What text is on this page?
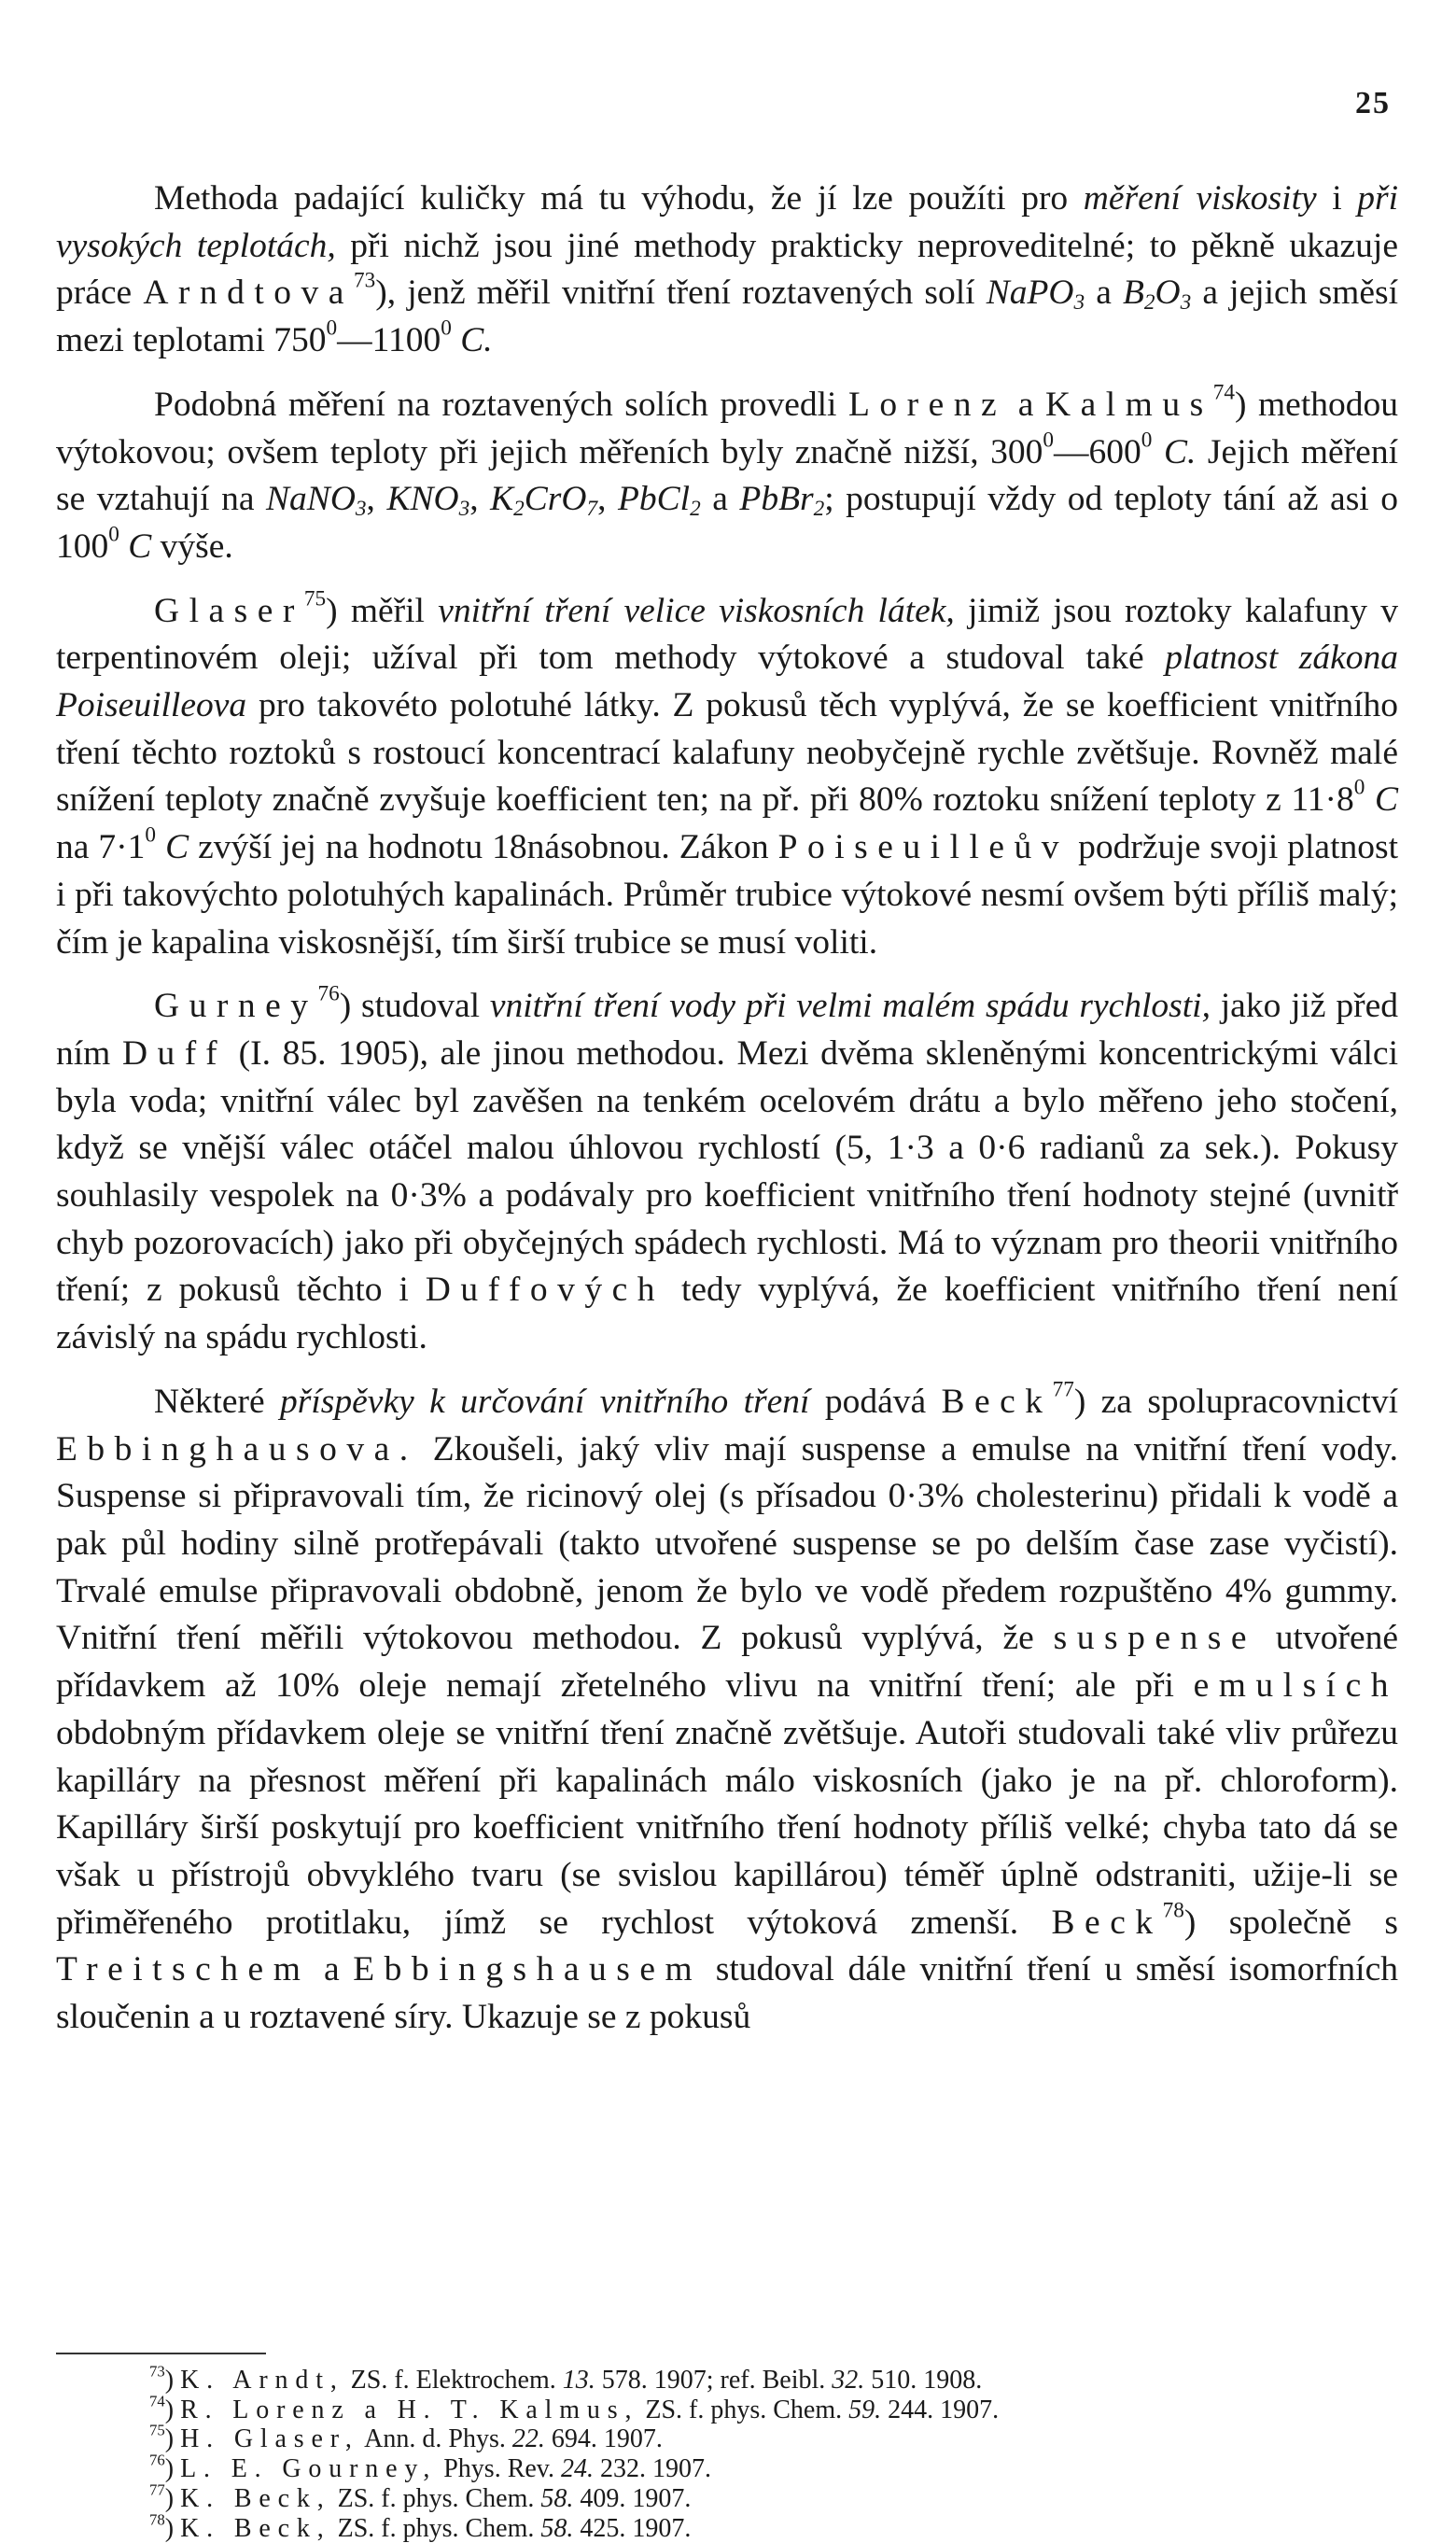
25

Methoda padající kuličky má tu výhodu, že jí lze použíti pro měření viskosity i při vysokých teplotách, při nichž jsou jiné methody prakticky neproveditelné; to pěkně ukazuje práce Arndtova$^{73}$), jenž měřil vnitřní tření roztavených solí NaPO$_3$ a $B_2O_3$ a jejich směsí mezi teplotami $750^0—1100^0$ C.

Podobná měření na roztavených solích provedli Lorenz a Kalmus$^{74}$) methodou výtokovou; ovšem teploty při jejich měřeních byly značně nižší, $300^0—600^0$ C. Jejich měření se vztahují na NaNO$_3$, $KNO_3$, $K_2CrO_7$, PbCl$_2$ a PbBr$_2$; postupují vždy od teploty tání až asi o $100^0$ C výše.

Glaser$^{75}$) měřil vnitřní tření velice viskosních látek, jimiž jsou roztoky kalafuny v terpentinovém oleji; užíval při tom methody výtokové a studoval také platnost zákona Poiseuilleova pro takovéto polotuhé látky. Z pokusů těch vyplývá, že se koefficient vnitřního tření těchto roztoků s rostoucí koncentrací kalafuny neobyčejně rychle zvětšuje. Rovněž malé snížení teploty značně zvyšuje koefficient ten; na př. při 80% roztoku snížení teploty z $11\cdot 8^0$ C na $7\cdot 1^0$ C zvýší jej na hodnotu 18násobnou. Zákon Poiseuilleův podržuje svoji platnost i při takovýchto polotuhých kapalinách. Průměr trubice výtokové nesmí ovšem býti příliš malý; čím je kapalina viskosnější, tím širší trubice se musí voliti.

Gurney$^{76}$) studoval vnitřní tření vody při velmi malém spádu rychlosti, jako již před ním Duff (I. 85. 1905), ale jinou methodou. Mezi dvěma skleněnými koncentrickými válci byla voda; vnitřní válec byl zavěšen na tenkém ocelovém drátu a bylo měřeno jeho stočení, když se vnější válec otáčel malou úhlovou rychlostí (5, 1·3 a 0·6 radianů za sek.). Pokusy souhlasily vespolek na 0·3% a podávaly pro koefficient vnitřního tření hodnoty stejné (uvnitř chyb pozorovacích) jako při obyčejných spádech rychlosti. Má to význam pro theorii vnitřního tření; z pokusů těchto i Duffových tedy vyplývá, že koefficient vnitřního tření není závislý na spádu rychlosti.

Některé příspěvky k určování vnitřního tření podává Beck$^{77}$) za spolupracovnictví Ebbinghausova. Zkoušeli, jaký vliv mají suspense a emulse na vnitřní tření vody. Suspense si připravovali tím, že ricinový olej (s přísadou 0·3% cholesterinu) přidali k vodě a pak půl hodiny silně protřepávali (takto utvořené suspense se po delším čase zase vyčistí). Trvalé emulse připravovali obdobně, jenom že bylo ve vodě předem rozpuštěno 4% gummy. Vnitřní tření měřili výtokovou methodou. Z pokusů vyplývá, že suspense utvořené přídavkem až 10% oleje nemají zřetelného vlivu na vnitřní tření; ale při emulsích obdobným přídavkem oleje se vnitřní tření značně zvětšuje. Autoři studovali také vliv průřezu kapilláry na přesnost měření při kapalinách málo viskosních (jako je na př. chloroform). Kapilláry širší poskytují pro koefficient vnitřního tření hodnoty příliš velké; chyba tato dá se však u přístrojů obvyklého tvaru (se svislou kapillárou) téměř úplně odstraniti, užije-li se přiměřeného protitlaku, jímž se rychlost výtoková zmenší. Beck$^{78}$) společně s Treitschem a Ebbingshausem studoval dále vnitřní tření u směsí isomorfních sloučenin a u roztavené síry. Ukazuje se z pokusů

$^{73}$) K. Arndt, ZS. f. Elektrochem. 13. 578. 1907; ref. Beibl. 32. 510. 1908.
$^{74}$) R. Lorenz a H. T. Kalmus, ZS. f. phys. Chem. 59. 244. 1907.
$^{75}$) H. Glaser, Ann. d. Phys. 22. 694. 1907.
$^{76}$) L. E. Gourney, Phys. Rev. 24. 232. 1907.
$^{77}$) K. Beck, ZS. f. phys. Chem. 58. 409. 1907.
$^{78}$) K. Beck, ZS. f. phys. Chem. 58. 425. 1907.
